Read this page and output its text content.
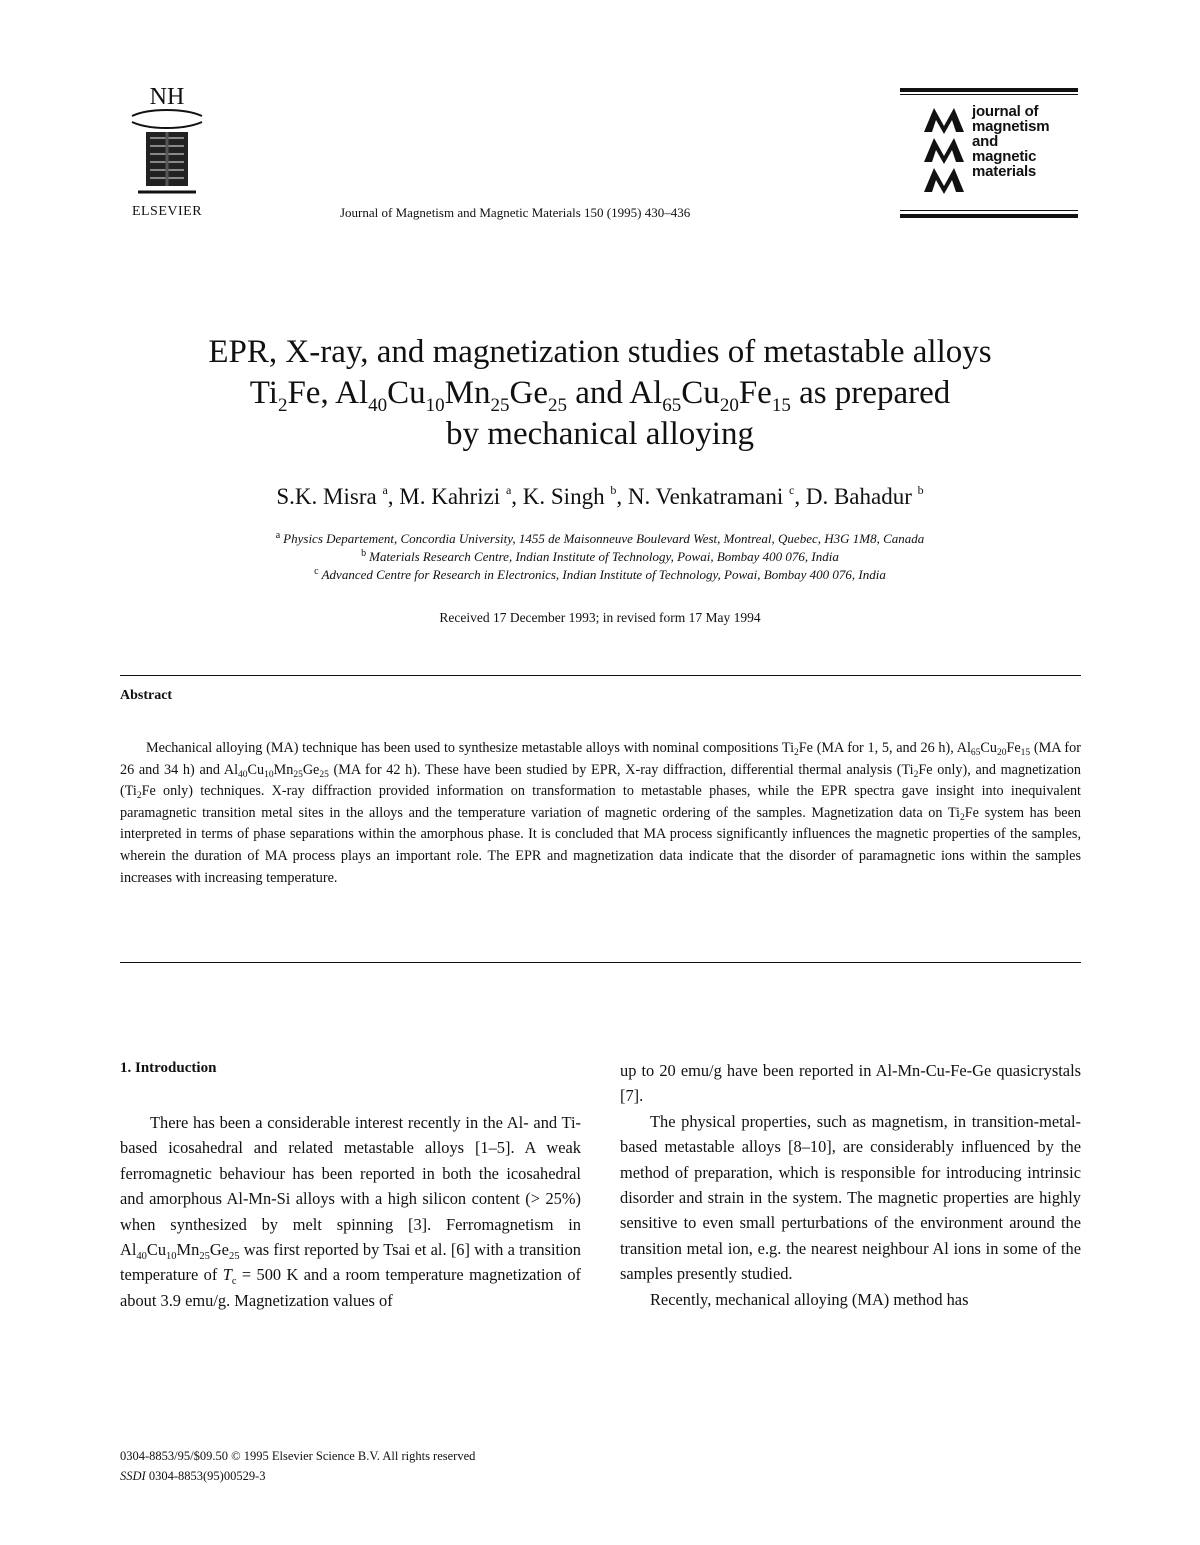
NH
ELSEVIER	Journal of Magnetism and Magnetic Materials 150 (1995) 430–436
journal of
magnetism
and
magnetic
materials
EPR, X-ray, and magnetization studies of metastable alloys
$Ti_2Fe$, $Al_{40}Cu_{10}Mn_{25}Ge_{25}$ and $Al_{65}Cu_{20}Fe_{15}$ as prepared
by mechanical alloying
S.K. Misra $^a$, M. Kahrizi $^a$, K. Singh $^b$, N. Venkatramani $^c$, D. Bahadur $^b$
$^a$ Physics Departement, Concordia University, 1455 de Maisonneuve Boulevard West, Montreal, Quebec, H3G 1M8, Canada
$^b$ Materials Research Centre, Indian Institute of Technology, Powai, Bombay 400 076, India
$^c$ Advanced Centre for Research in Electronics, Indian Institute of Technology, Powai, Bombay 400 076, India
Received 17 December 1993; in revised form 17 May 1994
Abstract

Mechanical alloying (MA) technique has been used to synthesize metastable alloys with nominal compositions $Ti_2Fe$ (MA for 1, 5, and 26 h), $Al_{65}Cu_{20}Fe_{15}$ (MA for 26 and 34 h) and $Al_{40}Cu_{10}Mn_{25}Ge_{25}$ (MA for 42 h). These have been studied by EPR, X-ray diffraction, differential thermal analysis ($Ti_2Fe$ only), and magnetization ($Ti_2Fe$ only) techniques. X-ray diffraction provided information on transformation to metastable phases, while the EPR spectra gave insight into inequivalent paramagnetic transition metal sites in the alloys and the temperature variation of magnetic ordering of the samples. Magnetization data on $Ti_2Fe$ system has been interpreted in terms of phase separations within the amorphous phase. It is concluded that MA process significantly influences the magnetic properties of the samples, wherein the duration of MA process plays an important role. The EPR and magnetization data indicate that the disorder of paramagnetic ions within the samples increases with increasing temperature.

1. Introduction

There has been a considerable interest recently in the Al- and Ti-based icosahedral and related metastable alloys [1–5]. A weak ferromagnetic behaviour has been reported in both the icosahedral and amorphous Al-Mn-Si alloys with a high silicon content (> 25%) when synthesized by melt spinning [3]. Ferromagnetism in $Al_{40}Cu_{10}Mn_{25}Ge_{25}$ was first reported by Tsai et al. [6] with a transition temperature of $T_c = 500$ K and a room temperature magnetization of about 3.9 emu/g. Magnetization values of

up to 20 emu/g have been reported in Al-Mn-Cu-Fe-Ge quasicrystals [7].

The physical properties, such as magnetism, in transition-metal-based metastable alloys [8–10], are considerably influenced by the method of preparation, which is responsible for introducing intrinsic disorder and strain in the system. The magnetic properties are highly sensitive to even small perturbations of the environment around the transition metal ion, e.g. the nearest neighbour Al ions in some of the samples presently studied.

Recently, mechanical alloying (MA) method has

0304-8853/95/$09.50 © 1995 Elsevier Science B.V. All rights reserved
SSDI 0304-8853(95)00529-3
